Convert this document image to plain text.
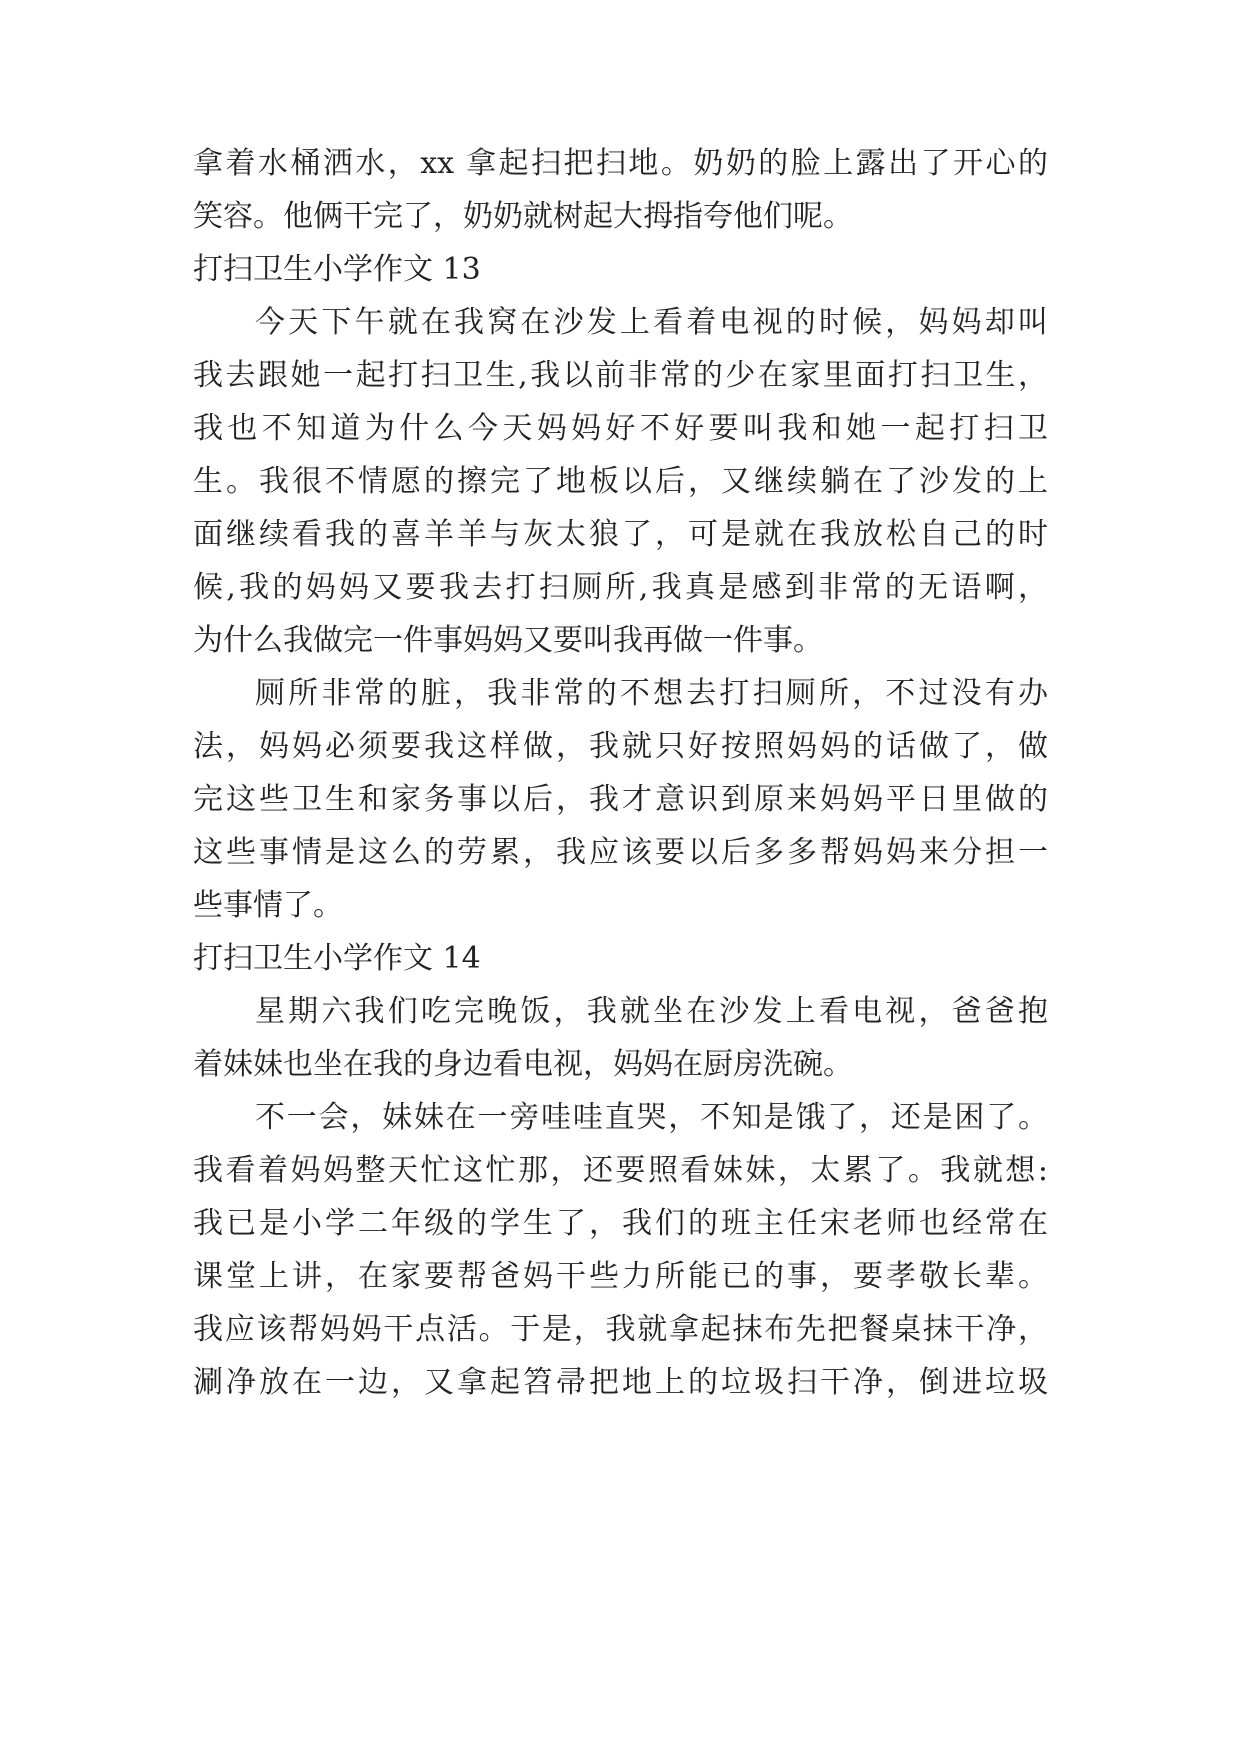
拿着水桶洒水，xx 拿起扫把扫地。奶奶的脸上露出了开心的
笑容。他俩干完了，奶奶就树起大拇指夸他们呢。
打扫卫生小学作文 13
今天下午就在我窝在沙发上看着电视的时候，妈妈却叫
我去跟她一起打扫卫生,我以前非常的少在家里面打扫卫生，
我也不知道为什么今天妈妈好不好要叫我和她一起打扫卫
生。我很不情愿的擦完了地板以后，又继续躺在了沙发的上
面继续看我的喜羊羊与灰太狼了，可是就在我放松自己的时
候,我的妈妈又要我去打扫厕所,我真是感到非常的无语啊，
为什么我做完一件事妈妈又要叫我再做一件事。
厕所非常的脏，我非常的不想去打扫厕所，不过没有办
法，妈妈必须要我这样做，我就只好按照妈妈的话做了，做
完这些卫生和家务事以后，我才意识到原来妈妈平日里做的
这些事情是这么的劳累，我应该要以后多多帮妈妈来分担一
些事情了。
打扫卫生小学作文 14
星期六我们吃完晚饭，我就坐在沙发上看电视，爸爸抱
着妹妹也坐在我的身边看电视，妈妈在厨房洗碗。
不一会，妹妹在一旁哇哇直哭，不知是饿了，还是困了。
我看着妈妈整天忙这忙那，还要照看妹妹，太累了。我就想:
我已是小学二年级的学生了，我们的班主任宋老师也经常在
课堂上讲，在家要帮爸妈干些力所能已的事，要孝敬长辈。
我应该帮妈妈干点活。于是，我就拿起抹布先把餐桌抹干净，
涮净放在一边，又拿起笤帚把地上的垃圾扫干净，倒进垃圾
